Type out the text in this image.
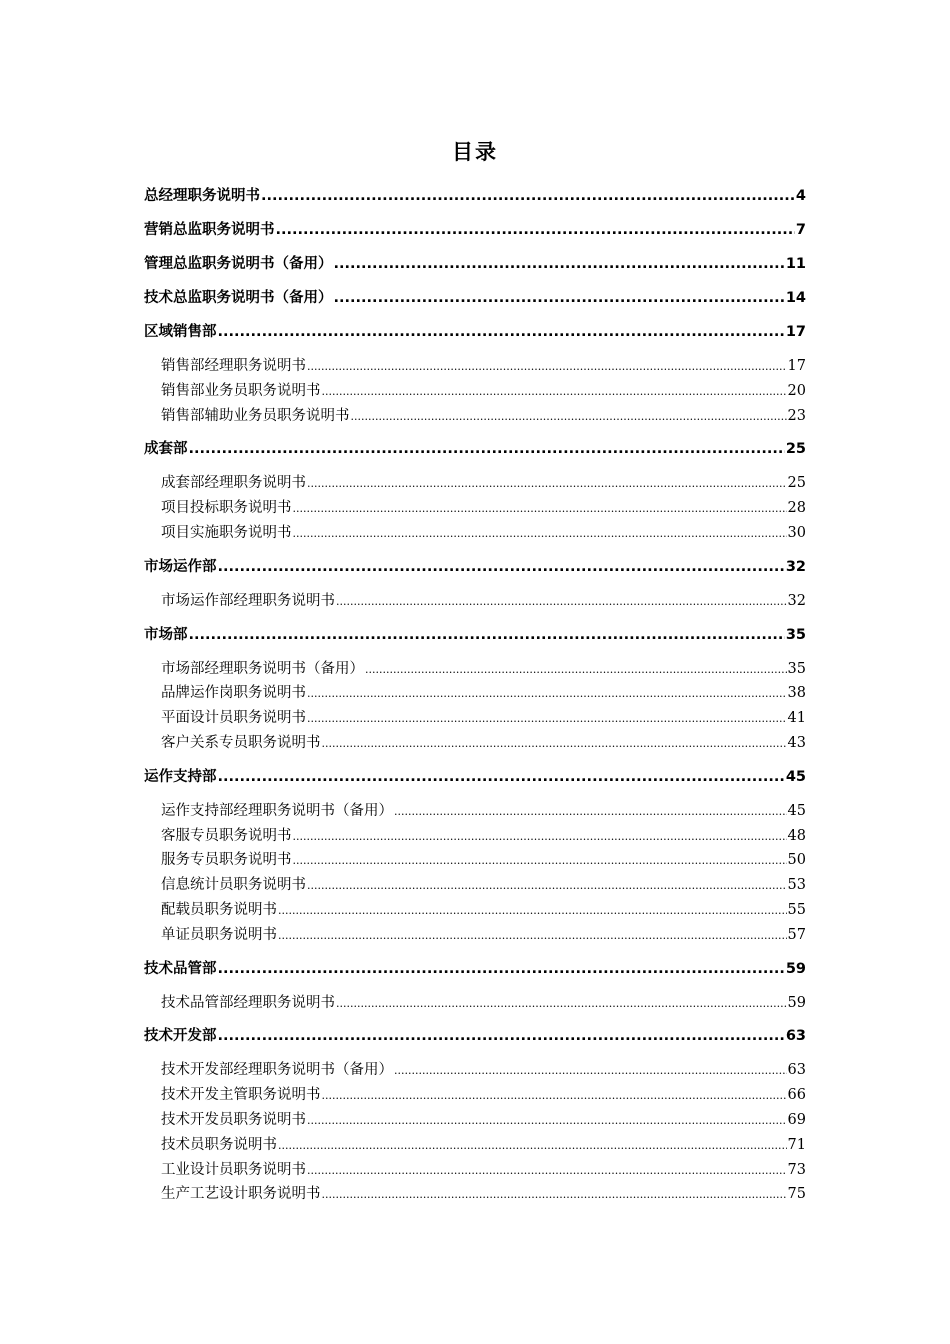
目录
总经理职务说明书 .....	4
营销总监职务说明书 .....	7
管理总监职务说明书（备用） .....	11
技术总监职务说明书（备用） .....	14
区域销售部 .....	17
销售部经理职务说明书 .....	17
销售部业务员职务说明书 .....	20
销售部辅助业务员职务说明书 .....	23
成套部 .....	25
成套部经理职务说明书 .....	25
项目投标职务说明书 .....	28
项目实施职务说明书 .....	30
市场运作部 .....	32
市场运作部经理职务说明书 .....	32
市场部 .....	35
市场部经理职务说明书（备用） .....	35
品牌运作岗职务说明书 .....	38
平面设计员职务说明书 .....	41
客户关系专员职务说明书 .....	43
运作支持部 .....	45
运作支持部经理职务说明书（备用） .....	45
客服专员职务说明书 .....	48
服务专员职务说明书 .....	50
信息统计员职务说明书 .....	53
配载员职务说明书 .....	55
单证员职务说明书 .....	57
技术品管部 .....	59
技术品管部经理职务说明书 .....	59
技术开发部 .....	63
技术开发部经理职务说明书（备用） .....	63
技术开发主管职务说明书 .....	66
技术开发员职务说明书 .....	69
技术员职务说明书 .....	71
工业设计员职务说明书 .....	73
生产工艺设计职务说明书 .....	75
